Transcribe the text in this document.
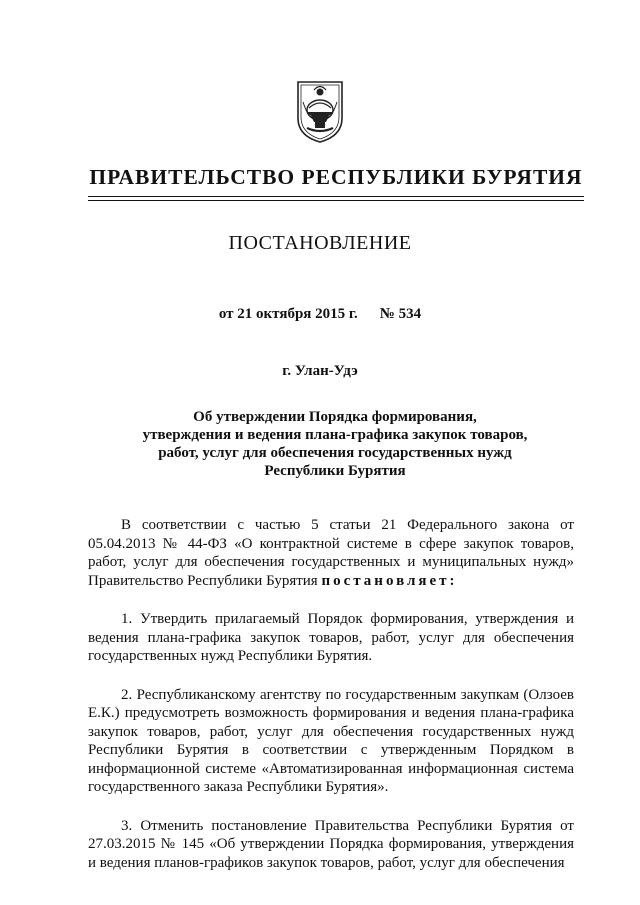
ПРАВИТЕЛЬСТВО РЕСПУБЛИКИ БУРЯТИЯ
ПОСТАНОВЛЕНИЕ
от 21 октября 2015 г. № 534
г. Улан-Удэ
Об утверждении Порядка формирования,
утверждения и ведения плана-графика закупок товаров,
работ, услуг для обеспечения государственных нужд
Республики Бурятия

В соответствии с частью 5 статьи 21 Федерального закона от 05.04.2013 № 44-ФЗ «О контрактной системе в сфере закупок товаров, работ, услуг для обеспечения государственных и муниципальных нужд» Правительство Республики Бурятия постановляет:

1. Утвердить прилагаемый Порядок формирования, утверждения и ведения плана-графика закупок товаров, работ, услуг для обеспечения государственных нужд Республики Бурятия.

2. Республиканскому агентству по государственным закупкам (Олзоев Е.К.) предусмотреть возможность формирования и ведения плана-графика закупок товаров, работ, услуг для обеспечения государственных нужд Республики Бурятия в соответствии с утвержденным Порядком в информационной системе «Автоматизированная информационная система государственного заказа Республики Бурятия».

3. Отменить постановление Правительства Республики Бурятия от 27.03.2015 № 145 «Об утверждении Порядка формирования, утверждения и ведения планов-графиков закупок товаров, работ, услуг для обеспечения
